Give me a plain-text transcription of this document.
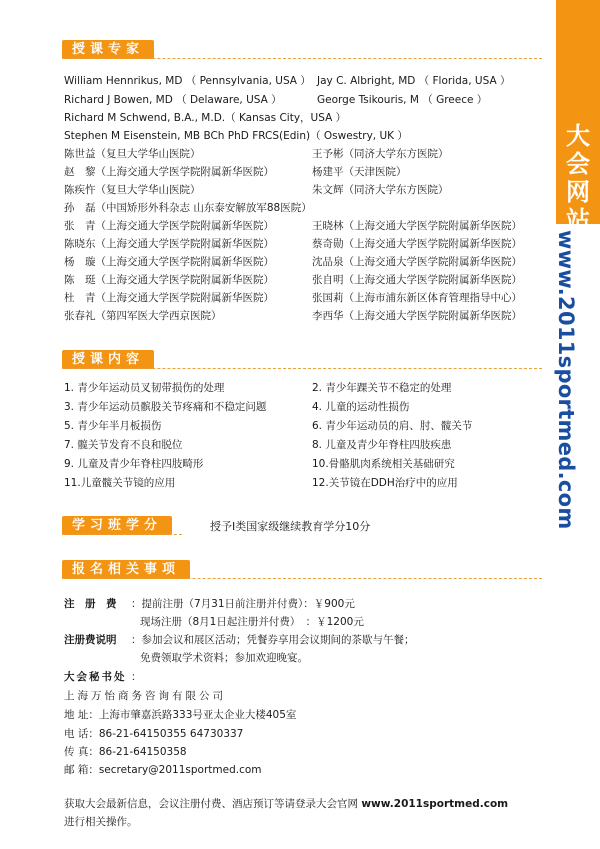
大会
网站
www.2011sportmed.com
授课专家
William Hennrikus, MD （ Pennsylvania, USA ） Jay C. Albright, MD （ Florida, USA ）
Richard J Bowen, MD （ Delaware, USA ）	George Tsikouris, M （ Greece ）
Richard M Schwend, B.A., M.D.（ Kansas City，USA ）
Stephen M Eisenstein, MB BCh PhD FRCS(Edin)（ Oswestry, UK ）
陈世益（复旦大学华山医院）
赵　黎（上海交通大学医学院附属新华医院）
陈疾忤（复旦大学华山医院）
孙　磊（中国矫形外科杂志 山东泰安解放军88医院）
张　青（上海交通大学医学院附属新华医院）
陈晓东（上海交通大学医学院附属新华医院）
杨　璇（上海交通大学医学院附属新华医院）
陈　珽（上海交通大学医学院附属新华医院）
杜　青（上海交通大学医学院附属新华医院）
张春礼（第四军医大学西京医院）
王予彬（同济大学东方医院）
杨建平（天津医院）
朱文辉（同济大学东方医院）
王晓林（上海交通大学医学院附属新华医院）
蔡奇勋（上海交通大学医学院附属新华医院）
沈品泉（上海交通大学医学院附属新华医院）
张自明（上海交通大学医学院附属新华医院）
张国莉（上海市浦东新区体育管理指导中心）
李西华（上海交通大学医学院附属新华医院）
授课内容
1. 青少年运动员叉韧带损伤的处理
3. 青少年运动员髌股关节疼痛和不稳定问题
5. 青少年半月板损伤
7. 髋关节发育不良和脱位
9. 儿童及青少年脊柱四肢畸形
11.儿童髋关节镜的应用
2. 青少年踝关节不稳定的处理
4. 儿童的运动性损伤
6. 青少年运动员的肩、肘、髋关节
8. 儿童及青少年脊柱四肢疾患
10.骨骼肌肉系统相关基础研究
12.关节镜在DDH治疗中的应用
学习班学分	授予I类国家级继续教育学分10分
报名相关事项
注　册　费 ：提前注册（7月31日前注册并付费）：￥900元
现场注册（8月1日起注册并付费）　：￥1200元
注册费说明 ：参加会议和展区活动；凭餐券享用会议期间的茶歇与午餐；
免费领取学术资料；参加欢迎晚宴。
大会秘书处 ：
上海万怡商务咨询有限公司
地 址：上海市肇嘉浜路333号亚太企业大楼405室
电 话：86-21-64150355 64730337
传 真：86-21-64150358
邮 箱：secretary@2011sportmed.com
获取大会最新信息，会议注册付费、酒店预订等请登录大会官网 www.2011sportmed.com
进行相关操作。
